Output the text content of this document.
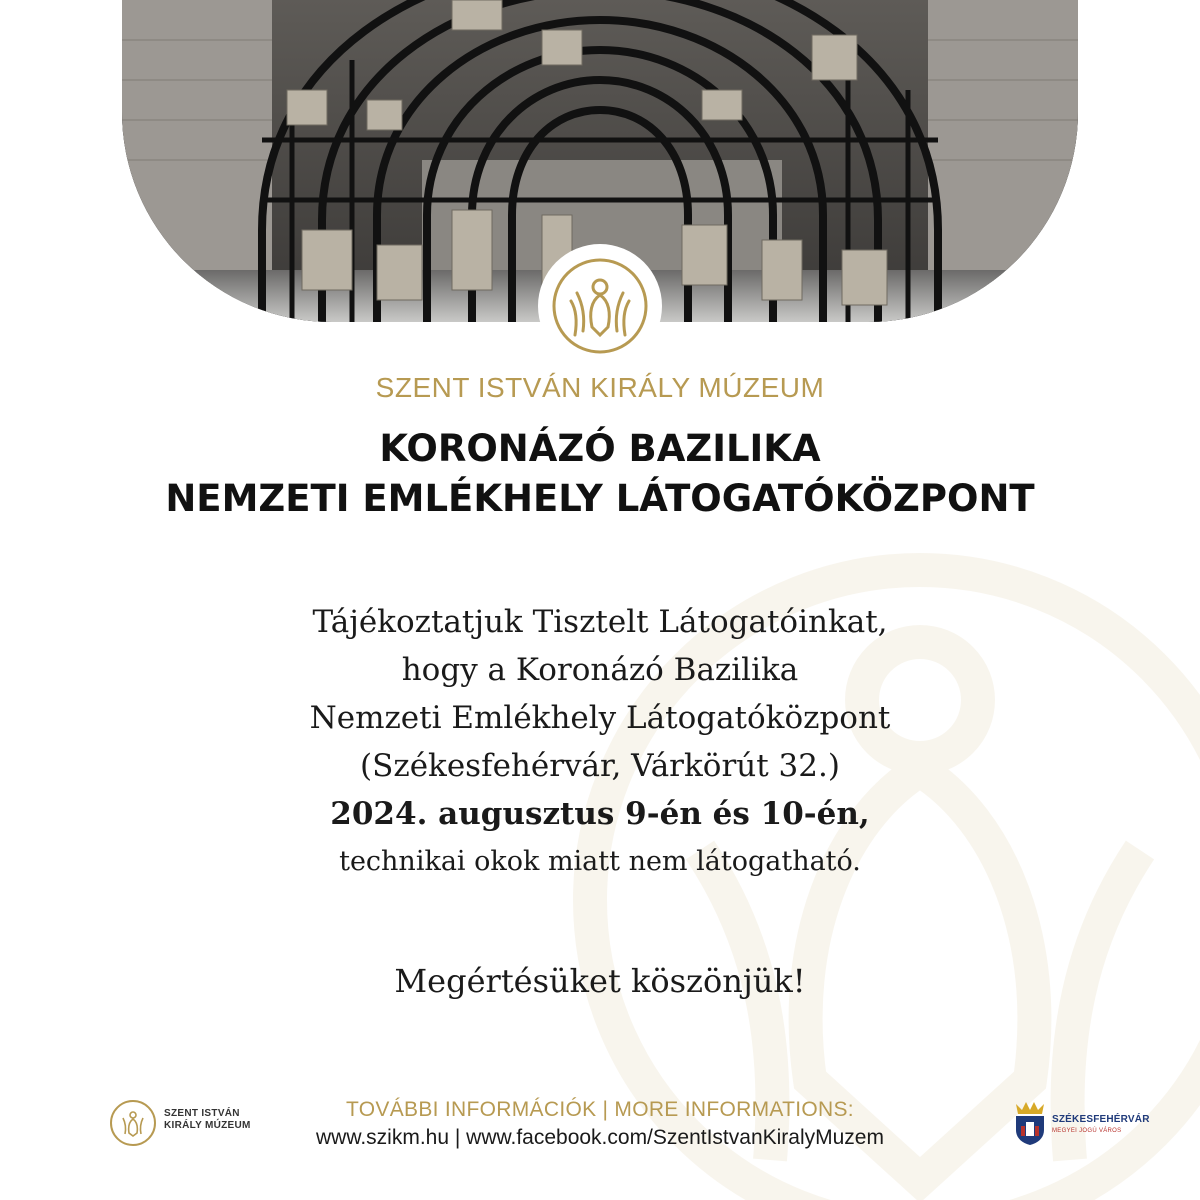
SZENT ISTVÁN KIRÁLY MÚZEUM
KORONÁZÓ BAZILIKA
NEMZETI EMLÉKHELY LÁTOGATÓKÖZPONT
Tájékoztatjuk Tisztelt Látogatóinkat,
hogy a Koronázó Bazilika
Nemzeti Emlékhely Látogatóközpont
(Székesfehérvár, Várkörút 32.)
2024. augusztus 9-én és 10-én,
technikai okok miatt nem látogatható.
Megértésüket köszönjük!
SZENT ISTVÁN
KIRÁLY MÚZEUM
TOVÁBBI INFORMÁCIÓK | MORE INFORMATIONS:
www.szikm.hu | www.facebook.com/SzentIstvanKiralyMuzem
SZÉKESFEHÉRVÁR
MEGYEI JOGÚ VÁROS
